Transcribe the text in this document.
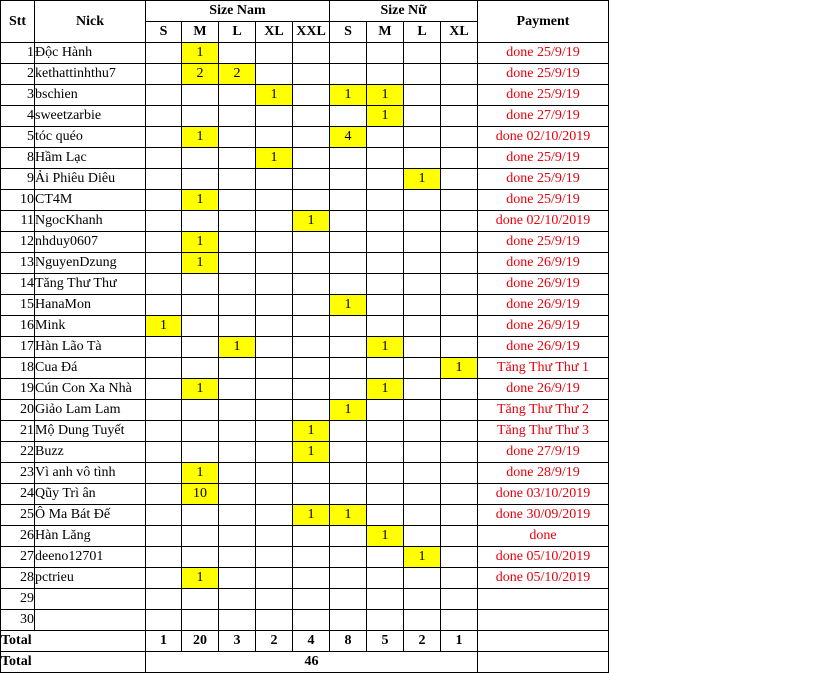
Stt	Nick	Size Nam					Size Nữ				Payment
		S	M	L	XL	XXL	S	M	L	XL	
1	Độc Hành		1								done 25/9/19
2	kethattinhthu7		2	2							done 25/9/19
3	bschien				1		1	1			done 25/9/19
4	sweetzarbie							1			done 27/9/19
5	tóc quéo		1				4				done 02/10/2019
8	Hầm Lạc				1						done 25/9/19
9	Ải Phiêu Diêu								1		done 25/9/19
10	CT4M		1								done 25/9/19
11	NgocKhanh					1					done 02/10/2019
12	nhduy0607		1								done 25/9/19
13	NguyenDzung		1								done 26/9/19
14	Tăng Thư Thư										done 26/9/19
15	HanaMon						1				done 26/9/19
16	Mink	1									done 26/9/19
17	Hàn Lão Tà			1				1			done 26/9/19
18	Cua Đá									1	Tăng Thư Thư 1
19	Cún Con Xa Nhà		1					1			done 26/9/19
20	Giảo Lam Lam						1				Tăng Thư Thư 2
21	Mộ Dung Tuyết					1					Tăng Thư Thư 3
22	Buzz					1					done 27/9/19
23	Vì anh vô tình		1								done 28/9/19
24	Qũy Trì ân		10								done 03/10/2019
25	Ô Ma Bát Đế					1	1				done 30/09/2019
26	Hàn Lăng							1			done
27	deeno12701								1		done 05/10/2019
28	pctrieu		1								done 05/10/2019
29											
30											
Total		1	20	3	2	4	8	5	2	1	
Total		46									
